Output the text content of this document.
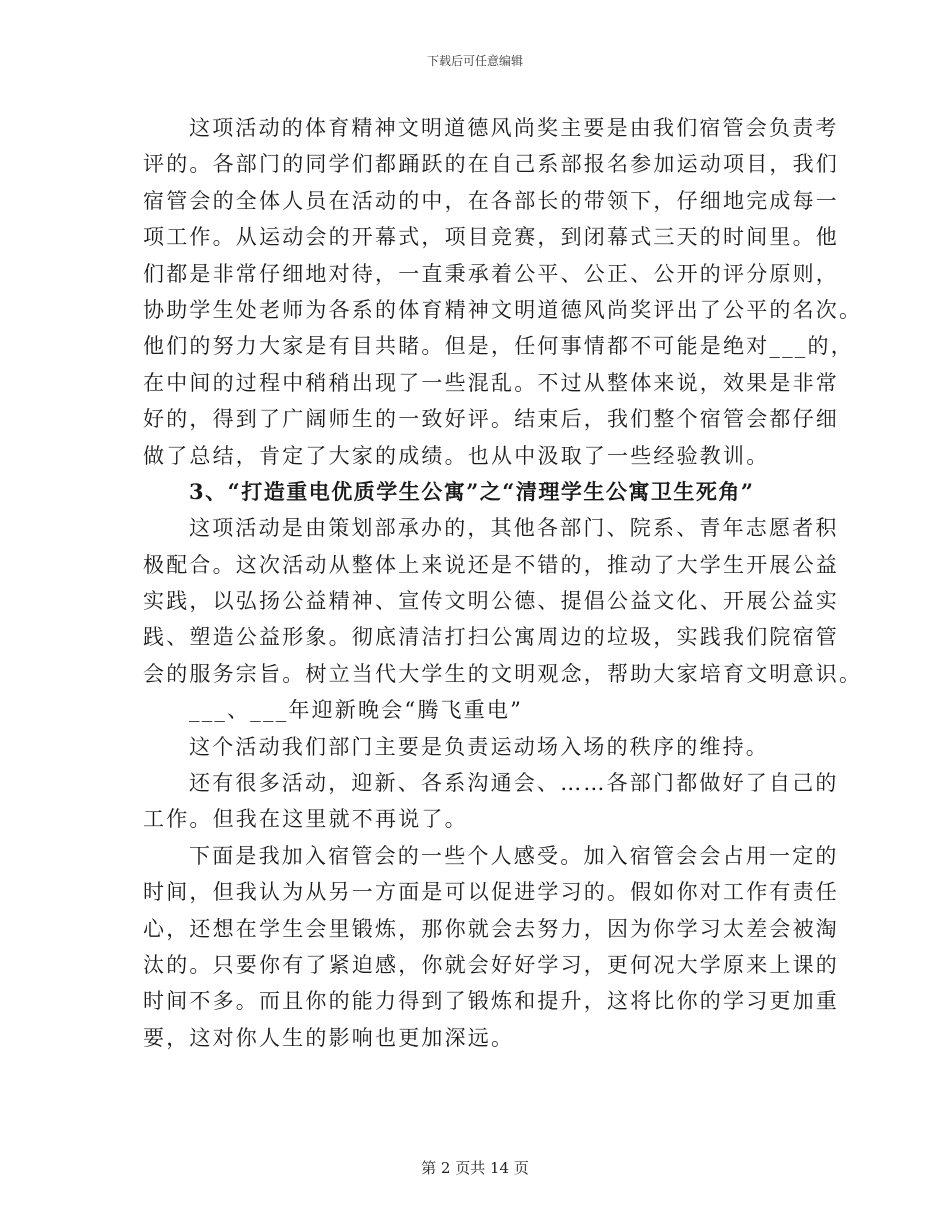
下载后可任意编辑
这项活动的体育精神文明道德风尚奖主要是由我们宿管会负责考
评的。各部门的同学们都踊跃的在自己系部报名参加运动项目，我们
宿管会的全体人员在活动的中，在各部长的带领下，仔细地完成每一
项工作。从运动会的开幕式，项目竞赛，到闭幕式三天的时间里。他
们都是非常仔细地对待，一直秉承着公平、公正、公开的评分原则，
协助学生处老师为各系的体育精神文明道德风尚奖评出了公平的名次。
他们的努力大家是有目共睹。但是，任何事情都不可能是绝对___的，
在中间的过程中稍稍出现了一些混乱。不过从整体来说，效果是非常
好的，得到了广阔师生的一致好评。结束后，我们整个宿管会都仔细
做了总结，肯定了大家的成绩。也从中汲取了一些经验教训。
3、“打造重电优质学生公寓”之“清理学生公寓卫生死角”
这项活动是由策划部承办的，其他各部门、院系、青年志愿者积
极配合。这次活动从整体上来说还是不错的，推动了大学生开展公益
实践，以弘扬公益精神、宣传文明公德、提倡公益文化、开展公益实
践、塑造公益形象。彻底清洁打扫公寓周边的垃圾，实践我们院宿管
会的服务宗旨。树立当代大学生的文明观念，帮助大家培育文明意识。
___、___年迎新晚会“腾飞重电”
这个活动我们部门主要是负责运动场入场的秩序的维持。
还有很多活动，迎新、各系沟通会、……各部门都做好了自己的
工作。但我在这里就不再说了。
下面是我加入宿管会的一些个人感受。加入宿管会会占用一定的
时间，但我认为从另一方面是可以促进学习的。假如你对工作有责任
心，还想在学生会里锻炼，那你就会去努力，因为你学习太差会被淘
汰的。只要你有了紧迫感，你就会好好学习，更何况大学原来上课的
时间不多。而且你的能力得到了锻炼和提升，这将比你的学习更加重
要，这对你人生的影响也更加深远。
第 2 页共 14 页
